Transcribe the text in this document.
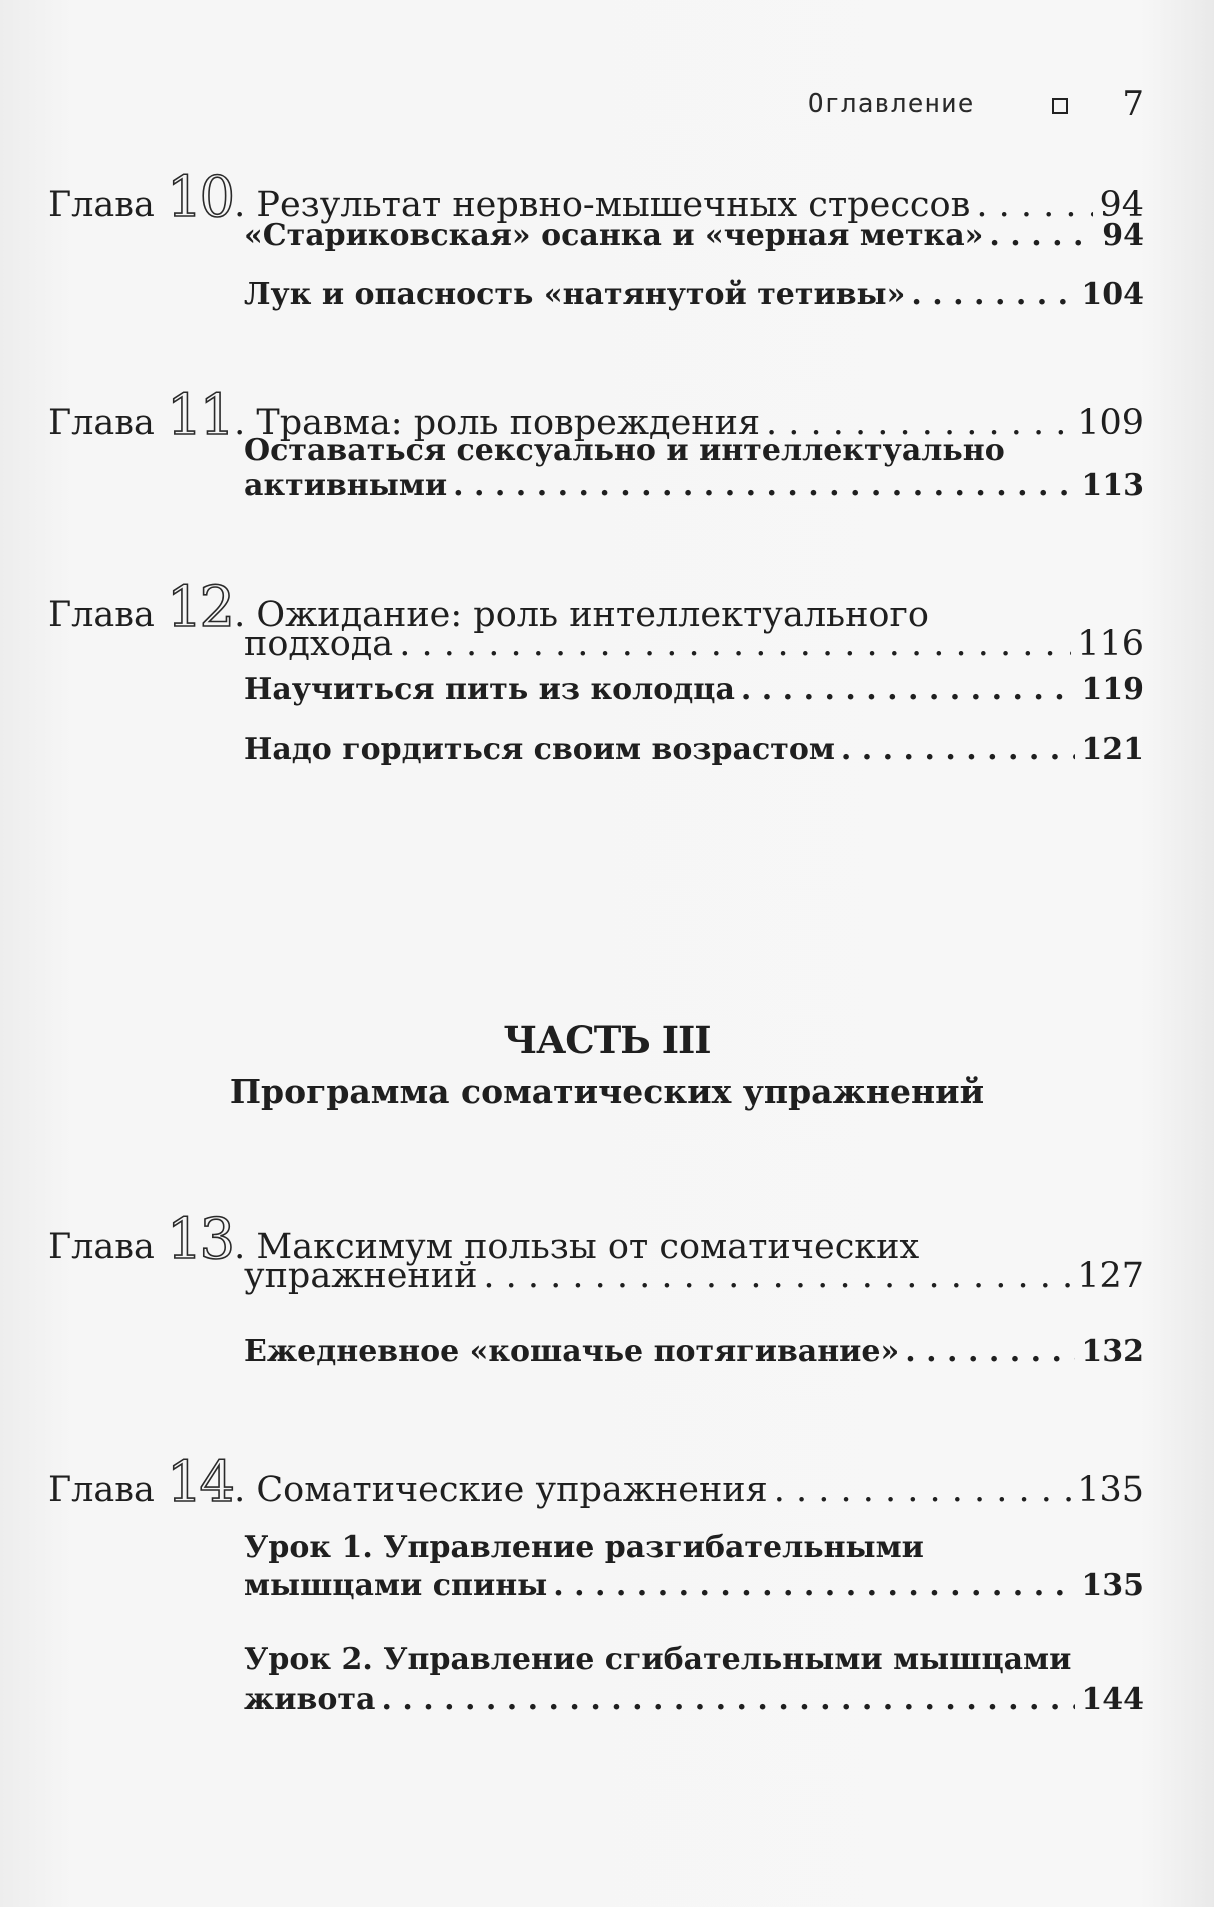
Оглавление	7
Глава 10 . Результат нервно-мышечных стрессов . . .	94
«Стариковская» осанка и «черная метка» . . .	94
Лук и опасность «натянутой тетивы» . . .	104
Глава 11 . Травма: роль повреждения . . .	109
Оставаться сексуально и интеллектуально
активными . . .	113
Глава 12 . Ожидание: роль интеллектуального
подхода . . .	116
Научиться пить из колодца . . .	119
Надо гордиться своим возрастом . . .	121
ЧАСТЬ III
Программа соматических упражнений
Глава 13 . Максимум пользы от соматических
упражнений . . .	127
Ежедневное «кошачье потягивание» . . .	132
Глава 14 . Соматические упражнения . . .	135
Урок 1. Управление разгибательными
мышцами спины . . .	135
Урок 2. Управление сгибательными мышцами
живота . . .	144
